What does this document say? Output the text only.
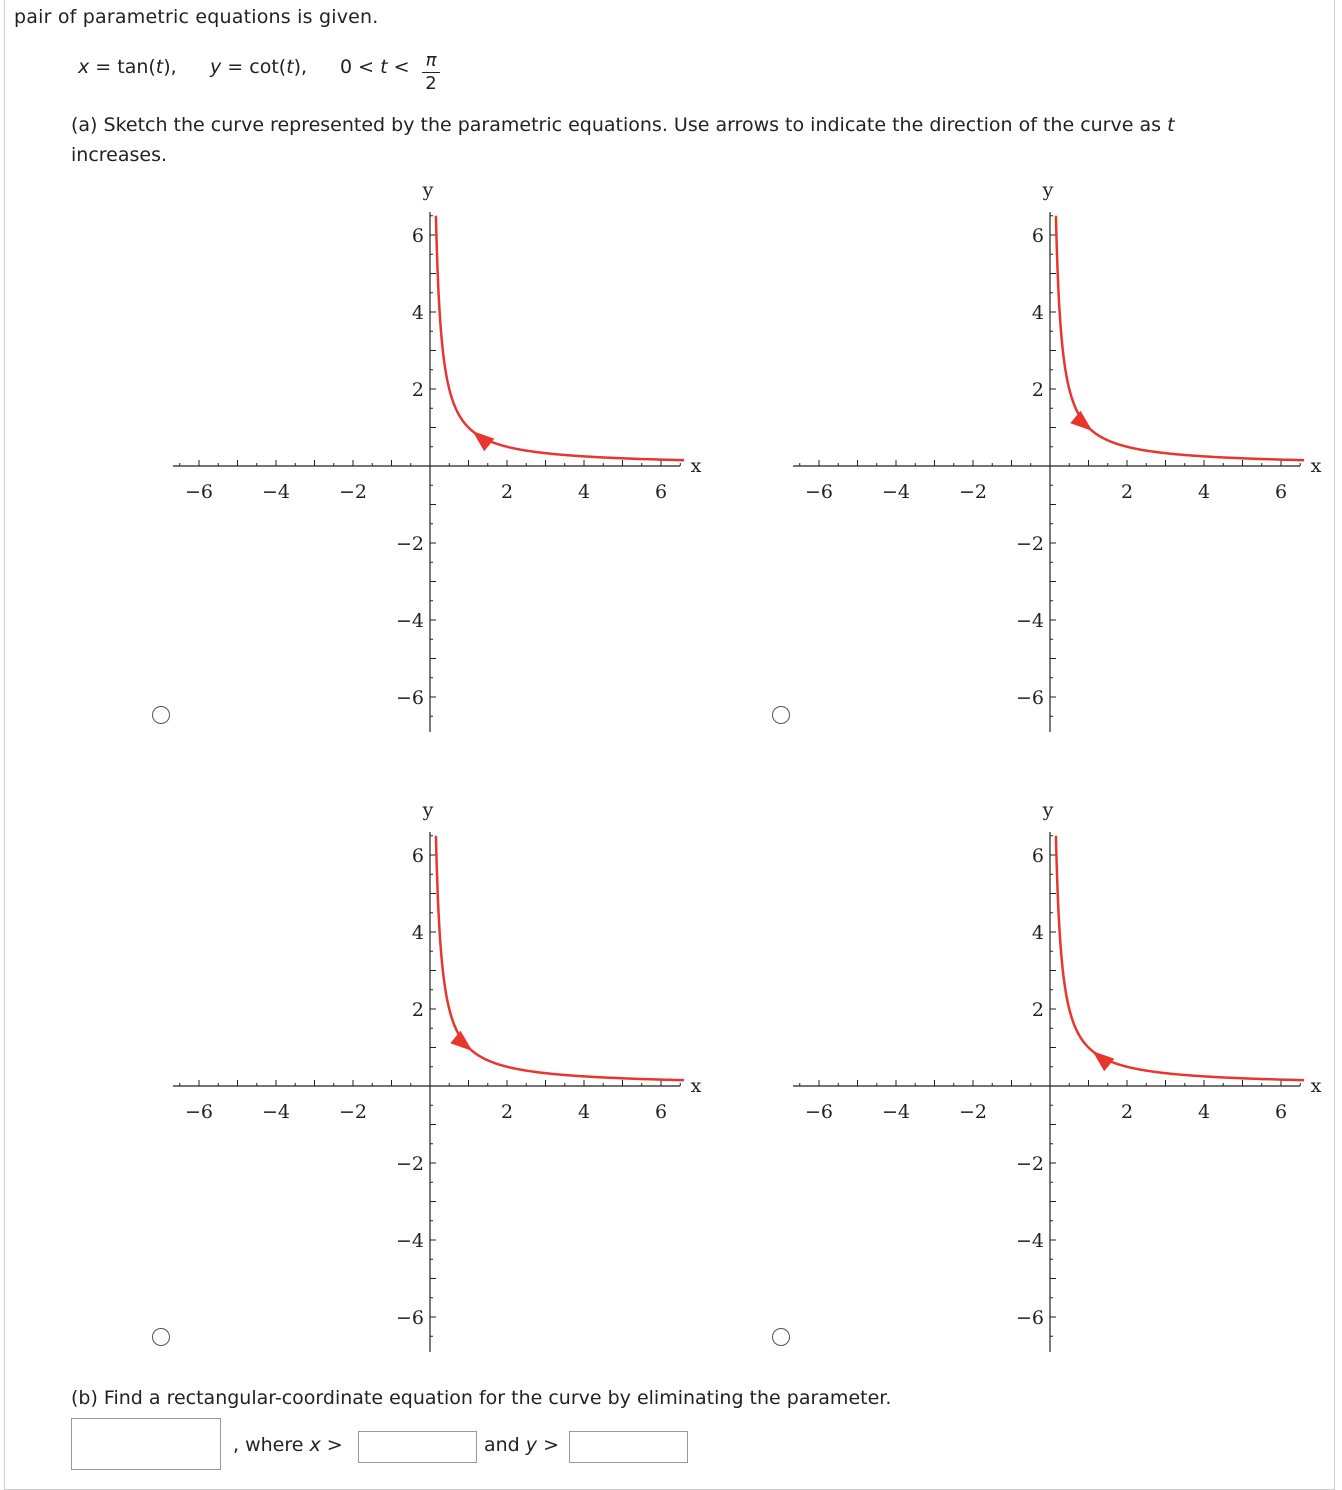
pair of parametric equations is given.
x = tan(t), y = cot(t), $0 < t < \frac{\pi}{2}$
(a) Sketch the curve represented by the parametric equations. Use arrows to indicate the direction of the curve as t increases.
x
y
−6	−4	−2	2	4	6
6
4
2
−2
−4
−6
x
y
−6	−4	−2	2	4	6
6
4
2
−2
−4
−6
x
y
−6	−4	−2	2	4	6
6
4
2
−2
−4
−6
x
y
−6	−4	−2	2	4	6
6
4
2
−2
−4
−6
(b) Find a rectangular-coordinate equation for the curve by eliminating the parameter.
, where x >	and y >
